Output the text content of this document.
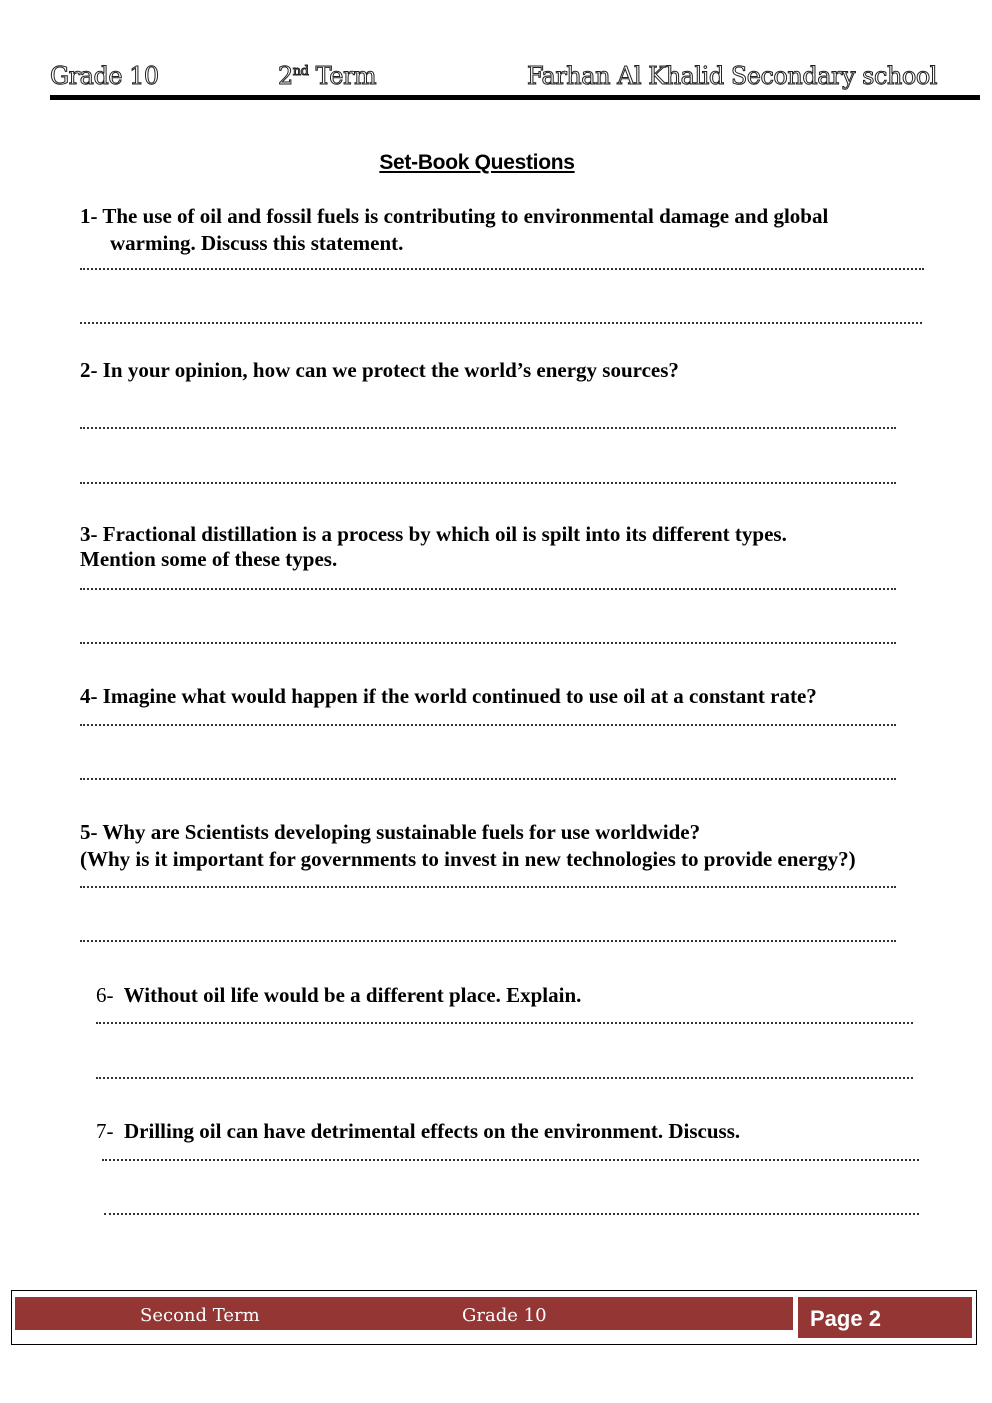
Grade 10	2nd Term	Farhan Al Khalid Secondary school
Set-Book Questions
1- The use of oil and fossil fuels is contributing to environmental damage and global
warming. Discuss this statement.
2- In your opinion, how can we protect the world’s energy sources?
3- Fractional distillation is a process by which oil is spilt into its different types.
Mention some of these types.
4- Imagine what would happen if the world continued to use oil at a constant rate?
5- Why are Scientists developing sustainable fuels for use worldwide?
(Why is it important for governments to invest in new technologies to provide energy?)
6- Without oil life would be a different place. Explain.
7- Drilling oil can have detrimental effects on the environment. Discuss.
Second Term	Grade 10	Page 2
